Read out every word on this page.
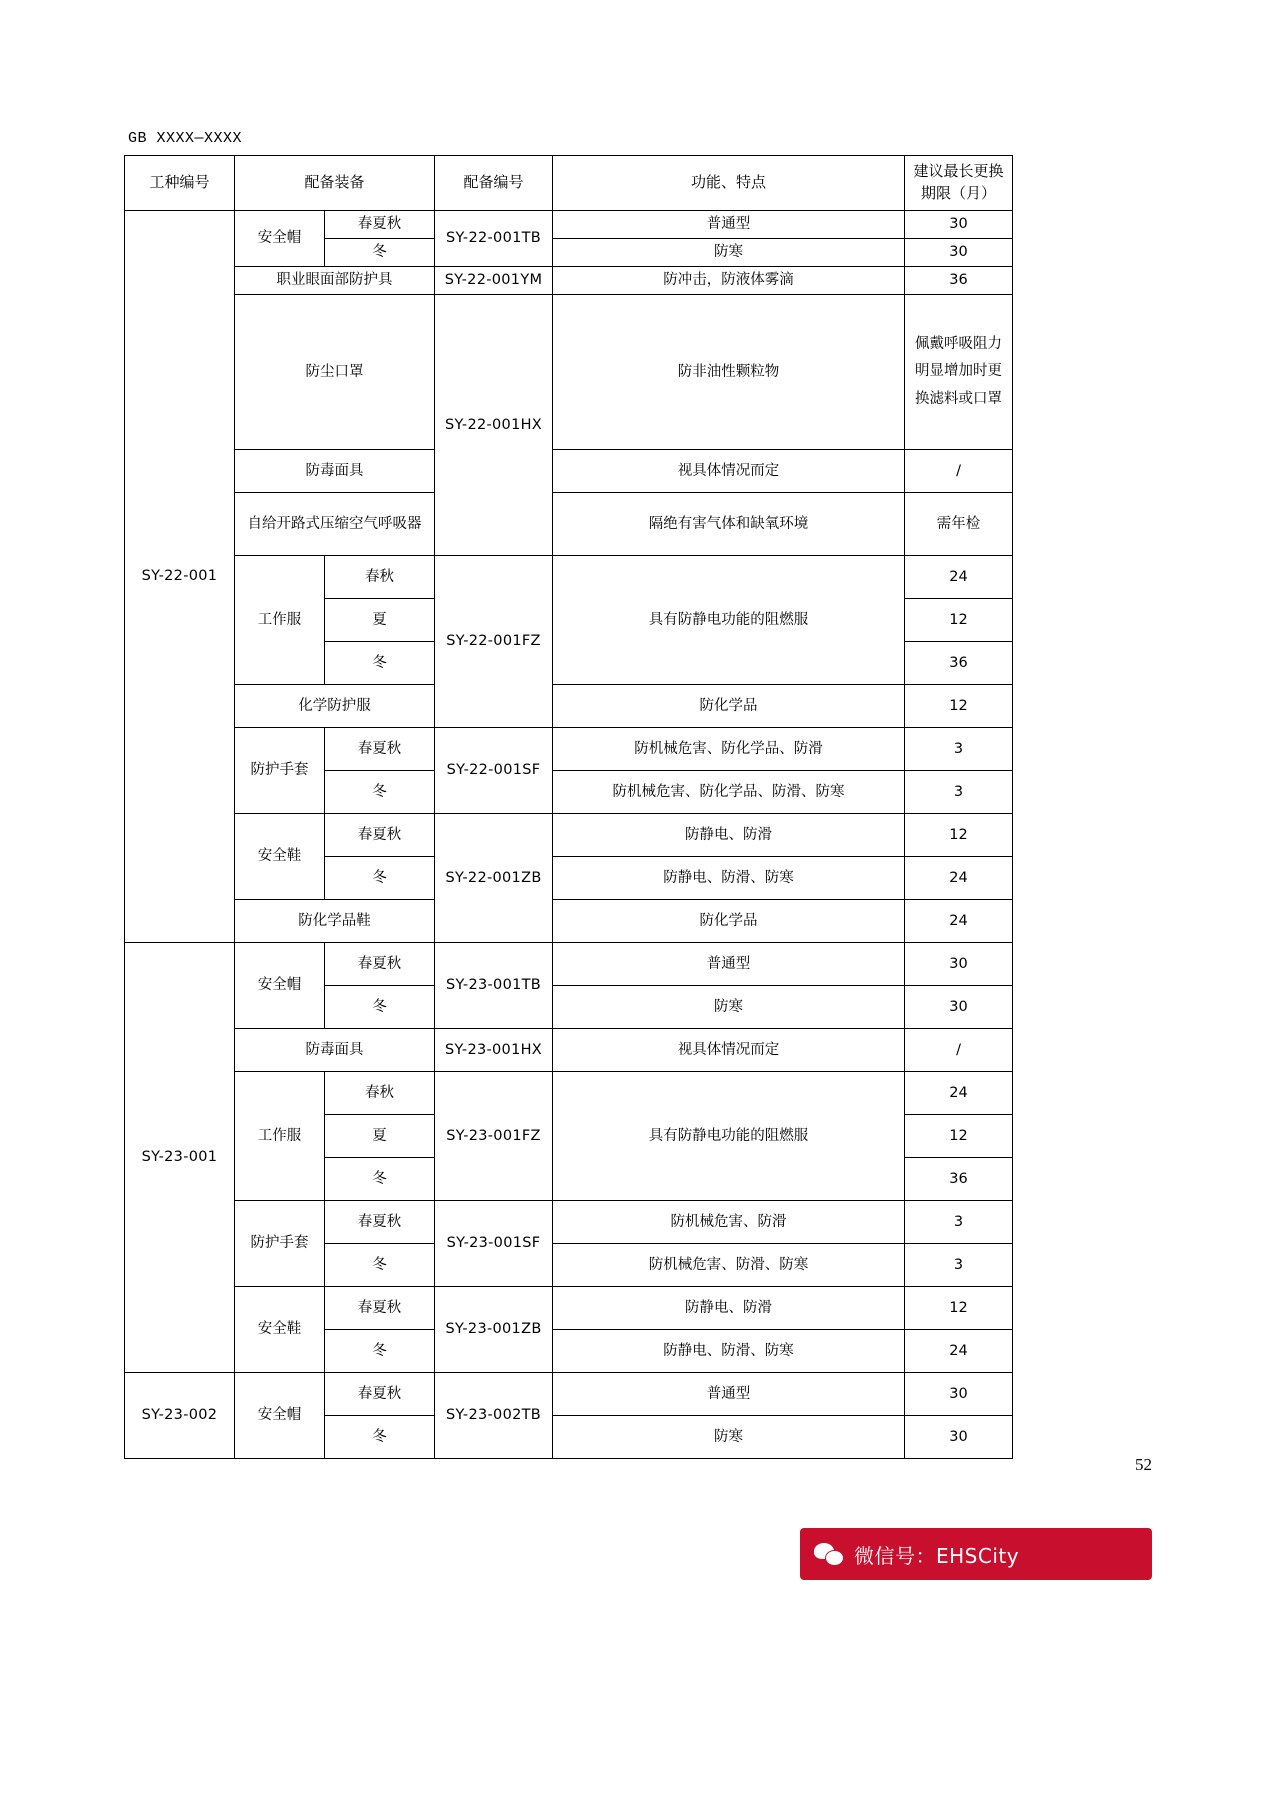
GB XXXX—XXXX
工种编号	配备装备		配备编号	功能、特点	建议最长更换期限（月）
SY-22-001	安全帽	春夏秋	SY-22-001TB	普通型	30
		冬		防寒	30
	职业眼面部防护具		SY-22-001YM	防冲击，防液体雾滴	36
	防尘口罩		SY-22-001HX	防非油性颗粒物	佩戴呼吸阻力明显增加时更换滤料或口罩
	防毒面具			视具体情况而定	/
	自给开路式压缩空气呼吸器			隔绝有害气体和缺氧环境	需年检
	工作服	春秋	SY-22-001FZ	具有防静电功能的阻燃服	24
		夏			12
		冬			36
	化学防护服			防化学品	12
	防护手套	春夏秋	SY-22-001SF	防机械危害、防化学品、防滑	3
		冬		防机械危害、防化学品、防滑、防寒	3
	安全鞋	春夏秋	SY-22-001ZB	防静电、防滑	12
		冬		防静电、防滑、防寒	24
	防化学品鞋			防化学品	24
SY-23-001	安全帽	春夏秋	SY-23-001TB	普通型	30
		冬		防寒	30
	防毒面具		SY-23-001HX	视具体情况而定	/
	工作服	春秋	SY-23-001FZ	具有防静电功能的阻燃服	24
		夏			12
		冬			36
	防护手套	春夏秋	SY-23-001SF	防机械危害、防滑	3
		冬		防机械危害、防滑、防寒	3
	安全鞋	春夏秋	SY-23-001ZB	防静电、防滑	12
		冬		防静电、防滑、防寒	24
SY-23-002	安全帽	春夏秋	SY-23-002TB	普通型	30
		冬		防寒	30
52
微信号：EHSCity
